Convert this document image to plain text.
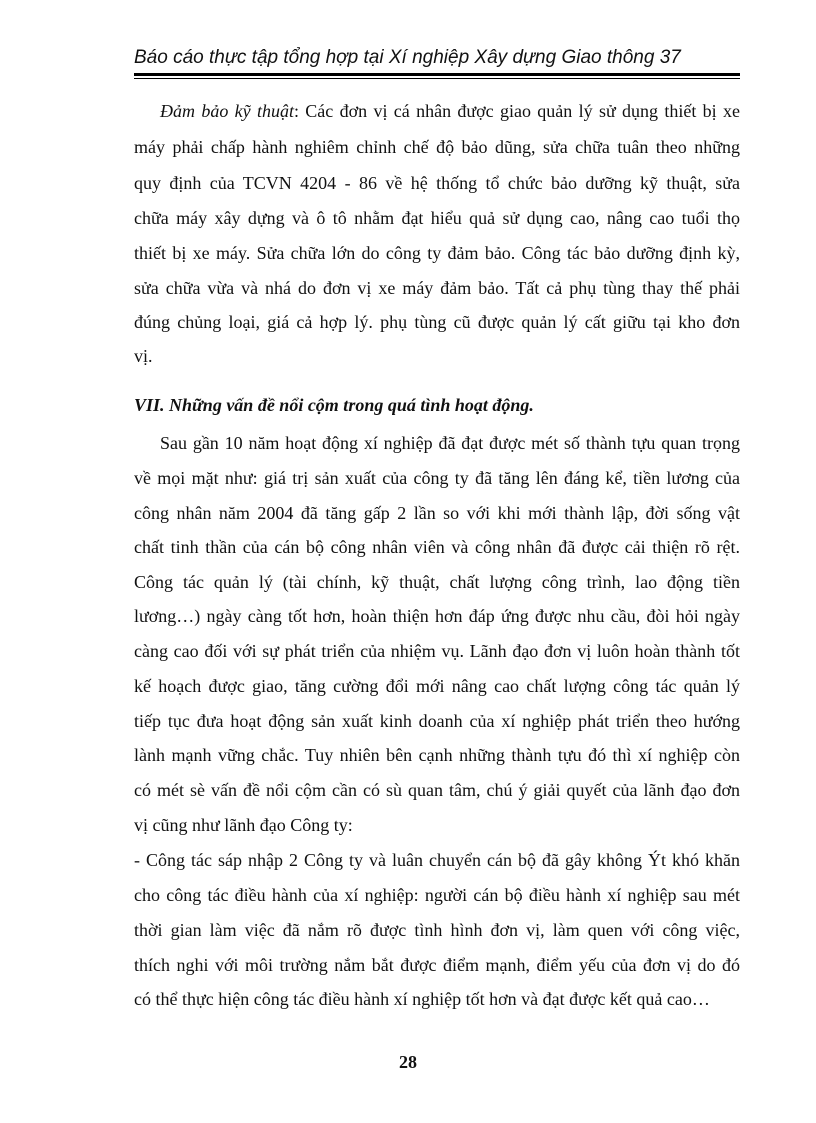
Báo cáo thực tập tổng hợp tại Xí nghiệp Xây dựng Giao thông 37
Đảm bảo kỹ thuật: Các đơn vị cá nhân được giao quản lý sử dụng thiết bị xe
máy phải chấp hành nghiêm chỉnh chế độ bảo dũng, sửa chữa tuân theo những
quy định của TCVN 4204 - 86 về hệ thống tổ chức bảo dưỡng kỹ thuật, sửa
chữa máy xây dựng và ô tô nhằm đạt hiểu quả sử dụng cao, nâng cao tuổi thọ
thiết bị xe máy. Sửa chữa lớn do công ty đảm bảo. Công tác bảo dưỡng định kỳ,
sửa chữa vừa và nhá do đơn vị xe máy đảm bảo. Tất cả phụ tùng thay thế phải
đúng chủng loại, giá cả hợp lý. phụ tùng cũ được quản lý cất giữu tại kho đơn
vị.
VII. Những vấn đề nổi cộm trong quá tình hoạt động.
Sau gần 10 năm hoạt động xí nghiệp đã đạt được mét số thành tựu quan trọng
về mọi mặt như: giá trị sản xuất của công ty đã tăng lên đáng kể, tiền lương của
công nhân năm 2004 đã tăng gấp 2 lần so với khi mới thành lập, đời sống vật
chất tinh thần của cán bộ công nhân viên và công nhân đã được cải thiện rõ rệt.
Công tác quản lý (tài chính, kỹ thuật, chất lượng công trình, lao động tiền
lương…) ngày càng tốt hơn, hoàn thiện hơn đáp ứng được nhu cầu, đòi hỏi ngày
càng cao đối với sự phát triển của nhiệm vụ. Lãnh đạo đơn vị luôn hoàn thành tốt
kế hoạch được giao, tăng cường đổi mới nâng cao chất lượng công tác quản lý
tiếp tục đưa hoạt động sản xuất kinh doanh của xí nghiệp phát triển theo hướng
lành mạnh vững chắc. Tuy nhiên bên cạnh những thành tựu đó thì xí nghiệp còn
có mét sè vấn đề nổi cộm cần có sù quan tâm, chú ý giải quyết của lãnh đạo đơn
vị cũng như lãnh đạo Công ty:
- Công tác sáp nhập 2 Công ty và luân chuyển cán bộ đã gây không Ýt khó khăn
cho công tác điều hành của xí nghiệp: người cán bộ điều hành xí nghiệp sau mét
thời gian làm việc đã nắm rõ được tình hình đơn vị, làm quen với công việc,
thích nghi với môi trường nắm bắt được điểm mạnh, điểm yếu của đơn vị do đó
có thể thực hiện công tác điều hành xí nghiệp tốt hơn và đạt được kết quả cao…
28
